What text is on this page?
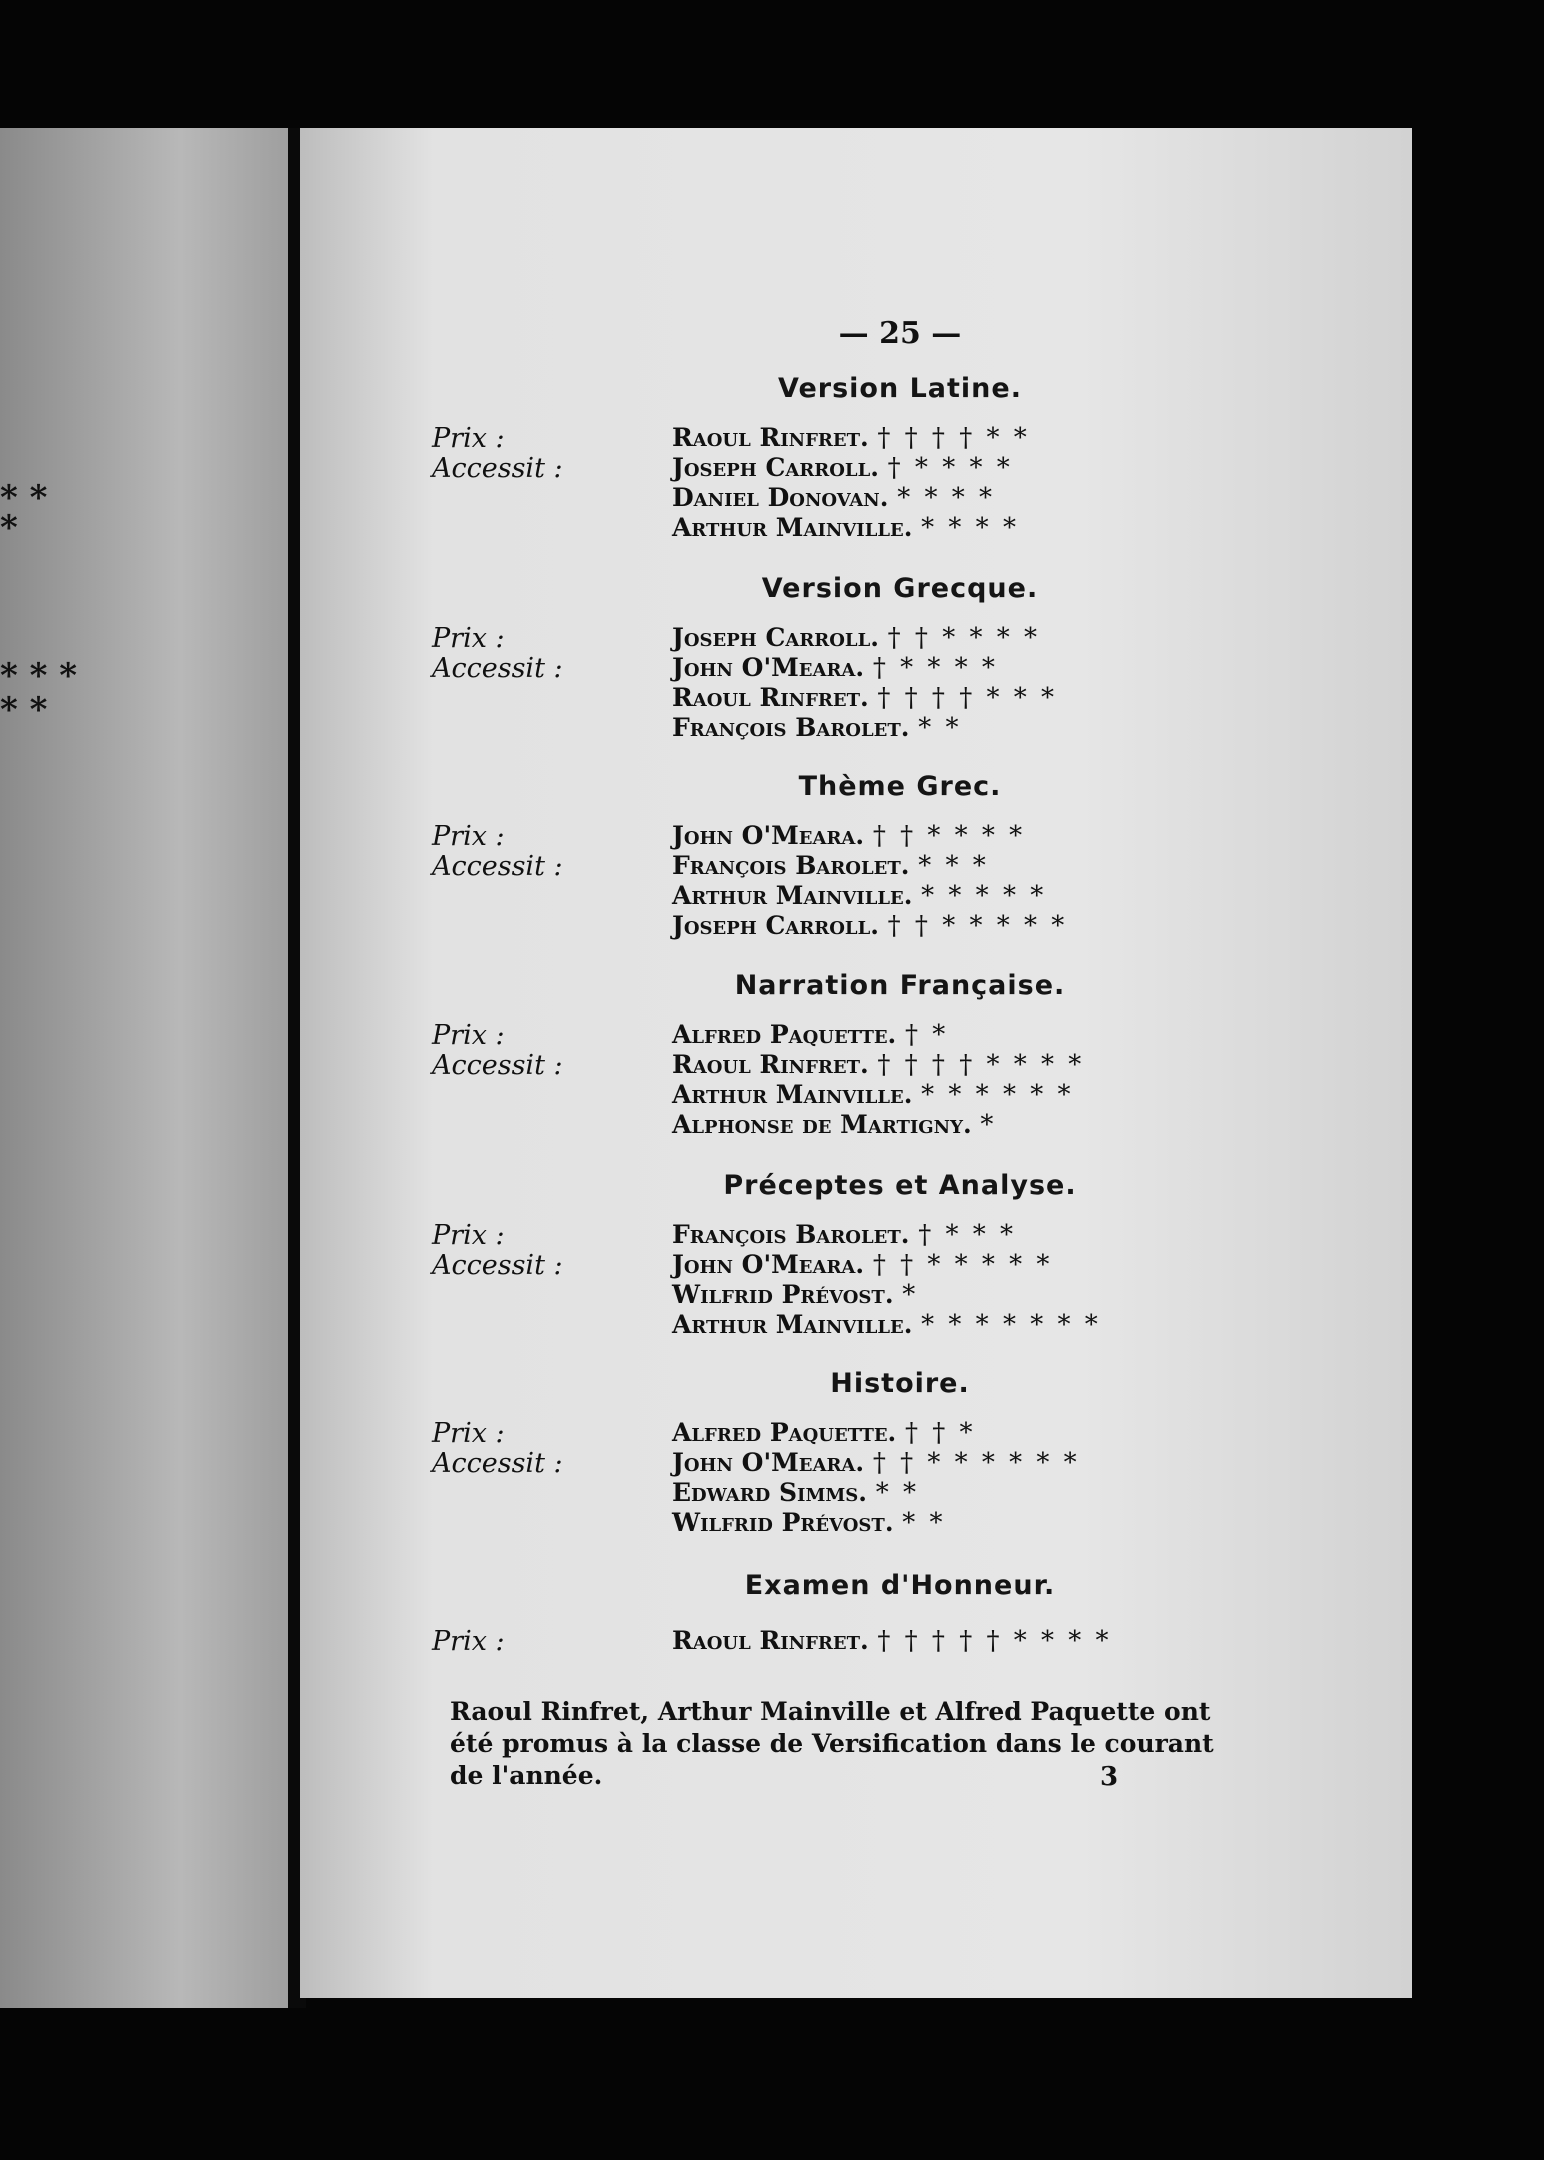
* *
*
* * *
* *
— 25 —
Version Latine.
Prix :
Accessit :
Raoul Rinfret. † † † † * *
Joseph Carroll. † * * * *
Daniel Donovan. * * * *
Arthur Mainville. * * * *
Version Grecque.
Prix :
Accessit :
Joseph Carroll. † † * * * *
John O'Meara. † * * * *
Raoul Rinfret. † † † † * * *
François Barolet. * *
Thème Grec.
Prix :
Accessit :
John O'Meara. † † * * * *
François Barolet. * * *
Arthur Mainville. * * * * *
Joseph Carroll. † † * * * * *
Narration Française.
Prix :
Accessit :
Alfred Paquette. † *
Raoul Rinfret. † † † † * * * *
Arthur Mainville. * * * * * *
Alphonse de Martigny. *
Préceptes et Analyse.
Prix :
Accessit :
François Barolet. † * * *
John O'Meara. † † * * * * *
Wilfrid Prévost. *
Arthur Mainville. * * * * * * *
Histoire.
Prix :
Accessit :
Alfred Paquette. † † *
John O'Meara. † † * * * * * *
Edward Simms. * *
Wilfrid Prévost. * *
Examen d'Honneur.
Prix :	Raoul Rinfret. † † † † † * * * *
Raoul Rinfret, Arthur Mainville et Alfred Paquette ont été promus à la classe de Versification dans le courant de l'année.	3
